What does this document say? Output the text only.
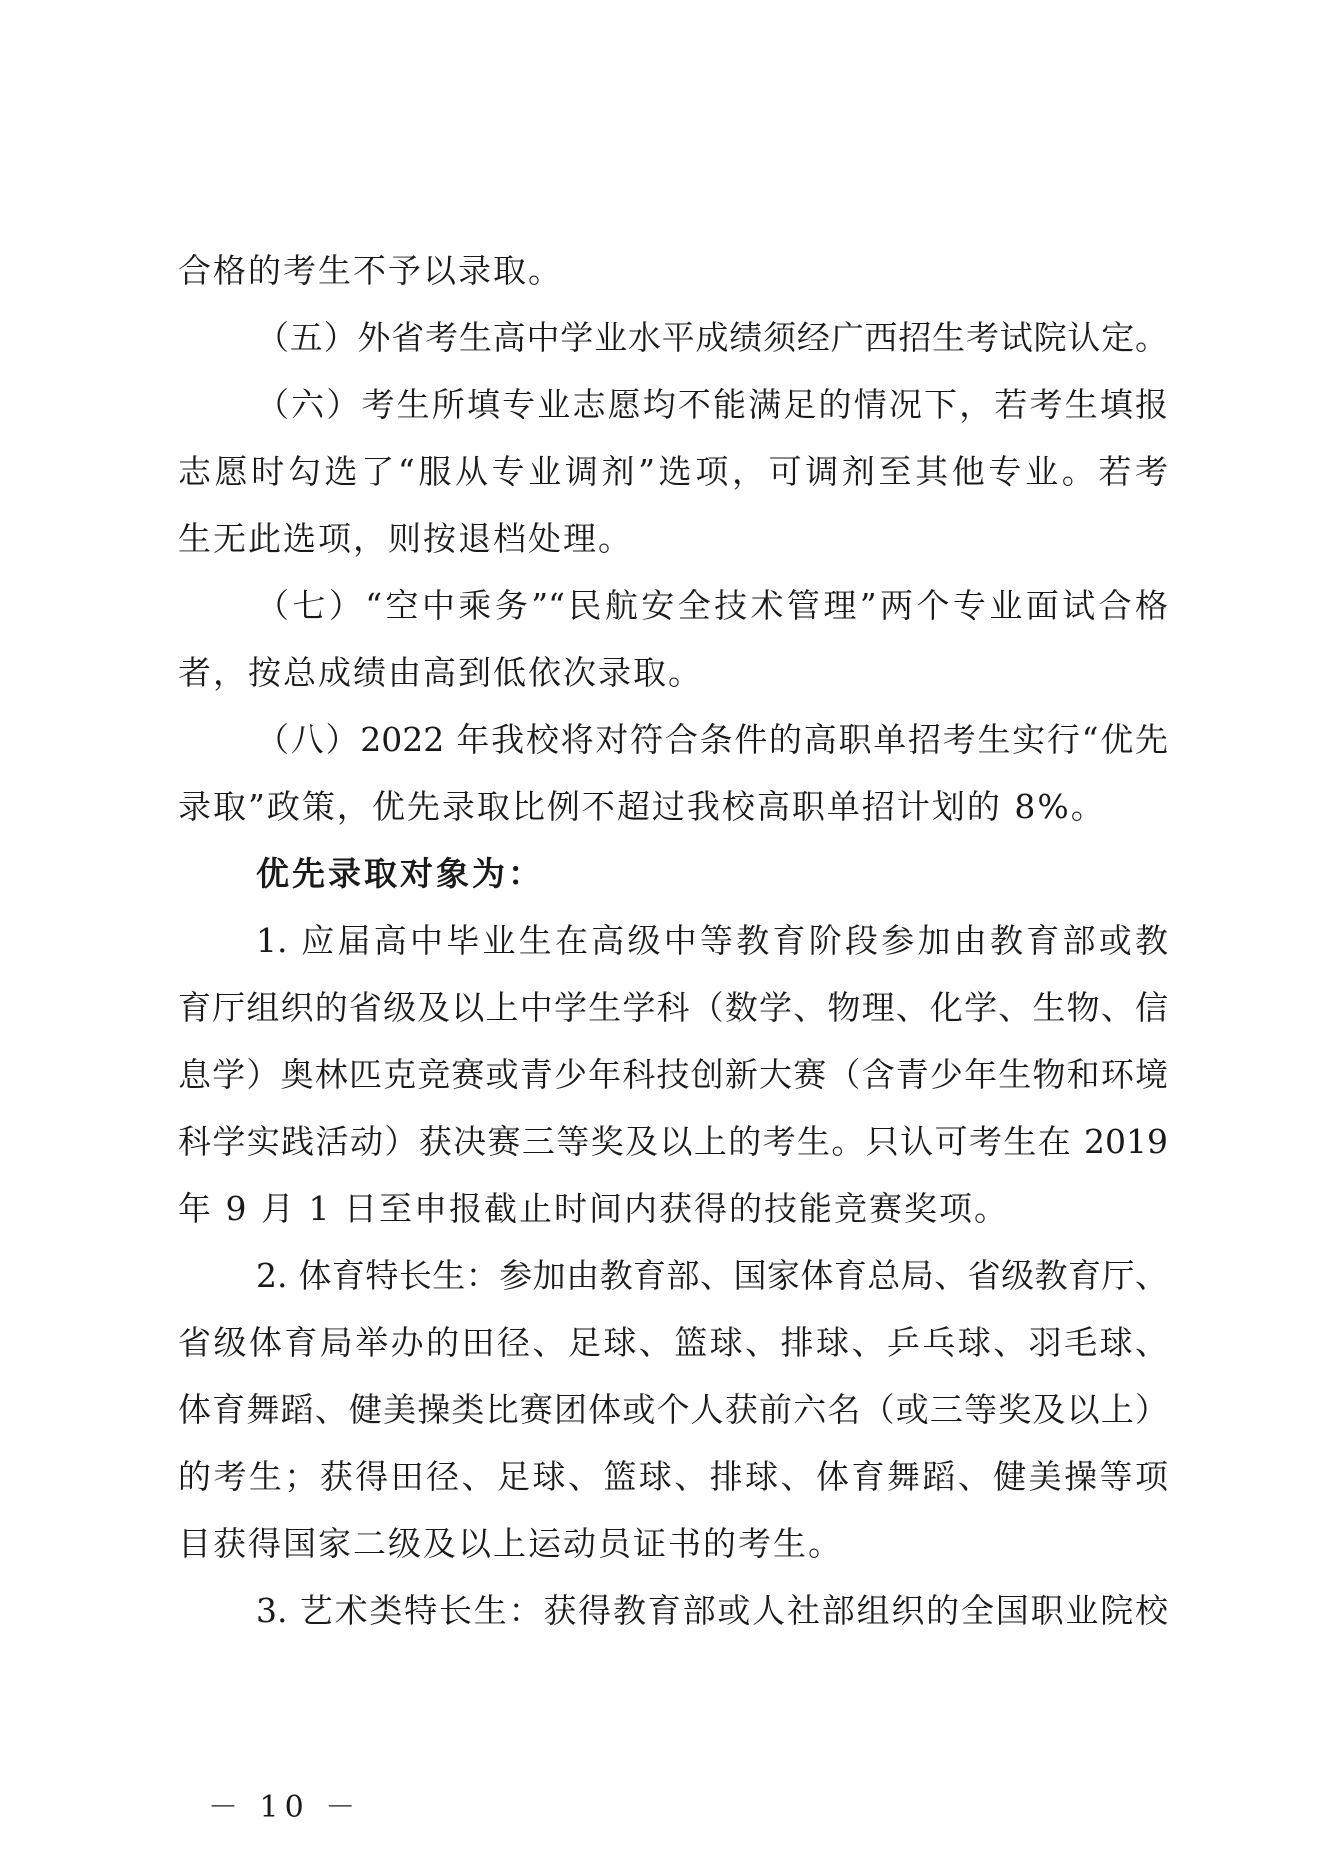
合格的考生不予以录取。
（五）外省考生高中学业水平成绩须经广西招生考试院认定。
（六）考生所填专业志愿均不能满足的情况下，若考生填报
志愿时勾选了“服从专业调剂”选项，可调剂至其他专业。若考
生无此选项，则按退档处理。
（七）“空中乘务”“民航安全技术管理”两个专业面试合格
者，按总成绩由高到低依次录取。
（八）2022 年我校将对符合条件的高职单招考生实行“优先
录取”政策，优先录取比例不超过我校高职单招计划的 8%。
优先录取对象为：
1. 应届高中毕业生在高级中等教育阶段参加由教育部或教
育厅组织的省级及以上中学生学科（数学、物理、化学、生物、信
息学）奥林匹克竞赛或青少年科技创新大赛（含青少年生物和环境
科学实践活动）获决赛三等奖及以上的考生。只认可考生在 2019
年 9 月 1 日至申报截止时间内获得的技能竞赛奖项。
2. 体育特长生：参加由教育部、国家体育总局、省级教育厅、
省级体育局举办的田径、足球、篮球、排球、乒乓球、羽毛球、
体育舞蹈、健美操类比赛团体或个人获前六名（或三等奖及以上）
的考生；获得田径、足球、篮球、排球、体育舞蹈、健美操等项
目获得国家二级及以上运动员证书的考生。
3. 艺术类特长生：获得教育部或人社部组织的全国职业院校
－ 10 －
